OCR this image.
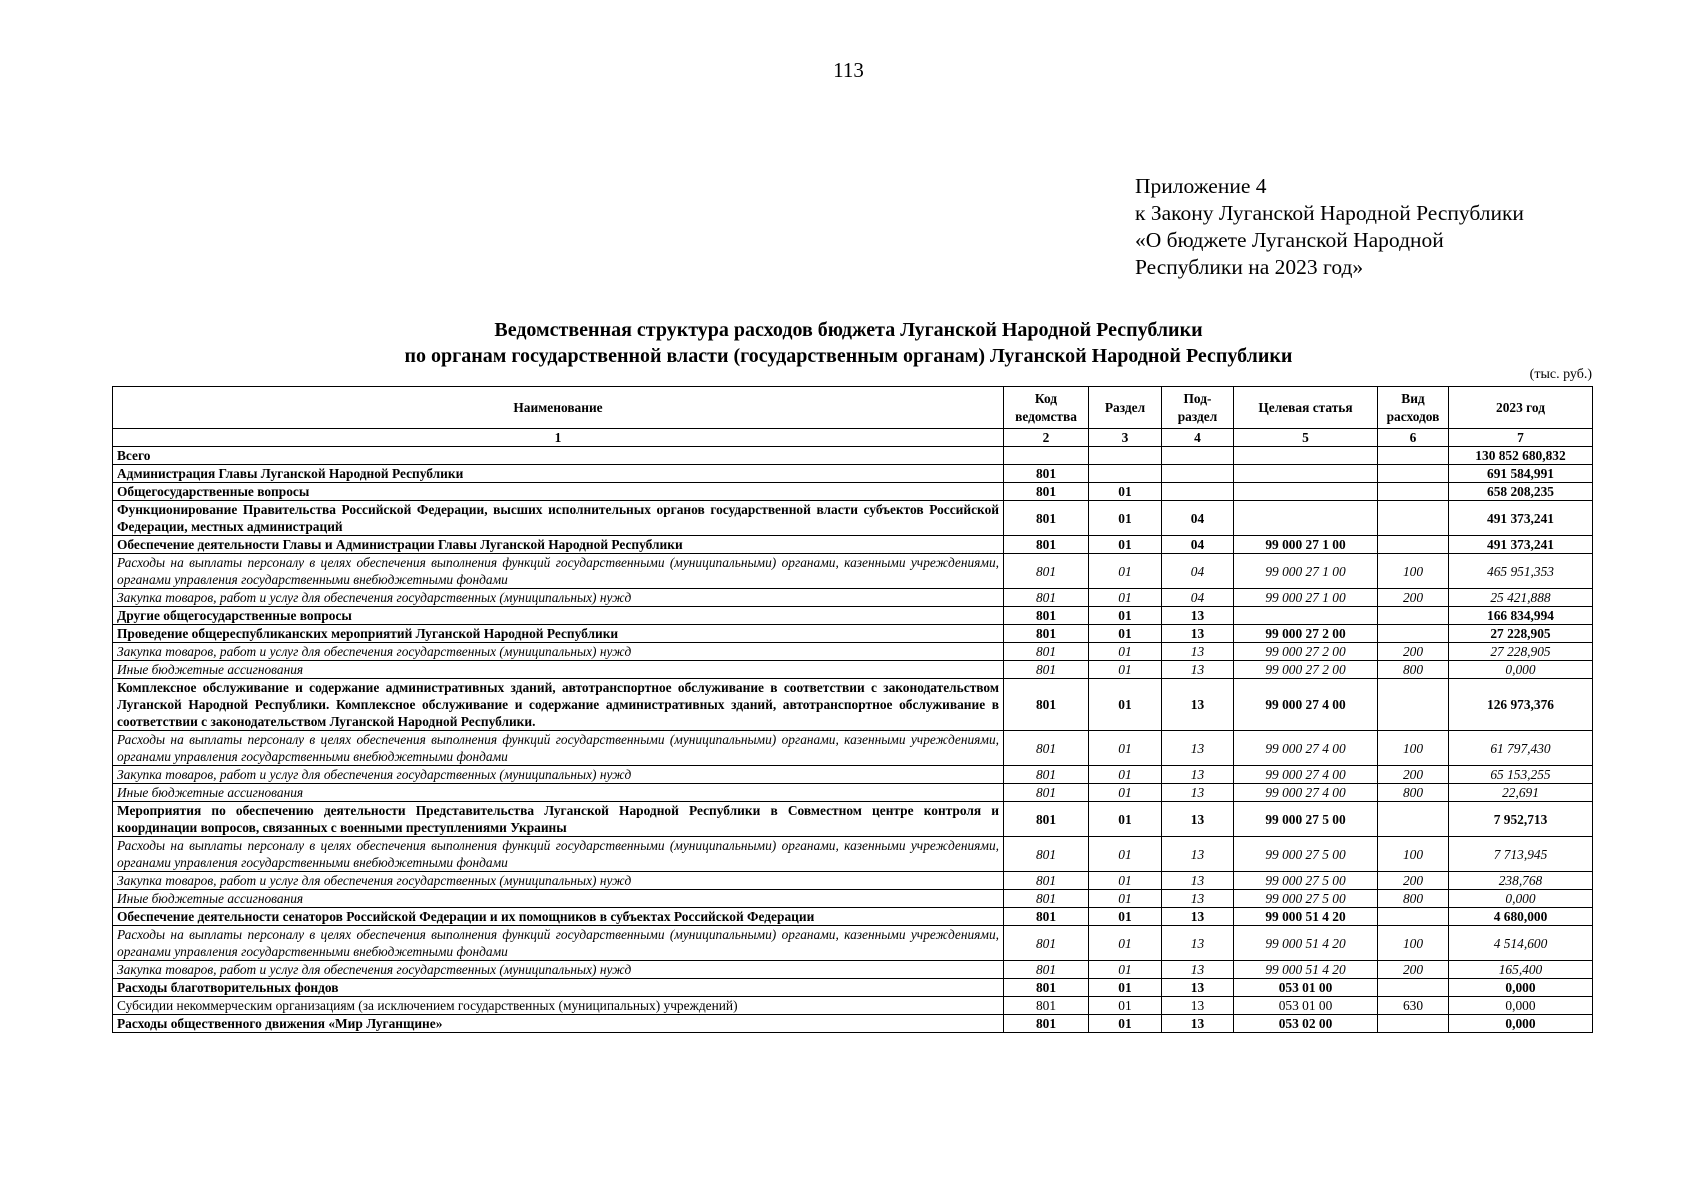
113
Приложение 4
к Закону Луганской Народной Республики
«О бюджете Луганской Народной
Республики на 2023 год»
Ведомственная структура расходов бюджета Луганской Народной Республики
по органам государственной власти (государственным органам) Луганской Народной Республики
(тыс. руб.)
Наименование	Код ведомства	Раздел	Под-раздел	Целевая статья	Вид расходов	2023 год
1	2	3	4	5	6	7
Всего						130 852 680,832
Администрация Главы Луганской Народной Республики	801					691 584,991
Общегосударственные вопросы	801	01				658 208,235
Функционирование Правительства Российской Федерации, высших исполнительных органов государственной власти субъектов Российской Федерации, местных администраций	801	01	04			491 373,241
Обеспечение деятельности Главы и Администрации Главы Луганской Народной Республики	801	01	04	99 000 27 1 00		491 373,241
Расходы на выплаты персоналу в целях обеспечения выполнения функций государственными (муниципальными) органами, казенными учреждениями, органами управления государственными внебюджетными фондами	801	01	04	99 000 27 1 00	100	465 951,353
Закупка товаров, работ и услуг для обеспечения государственных (муниципальных) нужд	801	01	04	99 000 27 1 00	200	25 421,888
Другие общегосударственные вопросы	801	01	13			166 834,994
Проведение общереспубликанских мероприятий Луганской Народной Республики	801	01	13	99 000 27 2 00		27 228,905
Закупка товаров, работ и услуг для обеспечения государственных (муниципальных) нужд	801	01	13	99 000 27 2 00	200	27 228,905
Иные бюджетные ассигнования	801	01	13	99 000 27 2 00	800	0,000
Комплексное обслуживание и содержание административных зданий, автотранспортное обслуживание в соответствии с законодательством Луганской Народной Республики. Комплексное обслуживание и содержание административных зданий, автотранспортное обслуживание в соответствии с законодательством Луганской Народной Республики.	801	01	13	99 000 27 4 00		126 973,376
Расходы на выплаты персоналу в целях обеспечения выполнения функций государственными (муниципальными) органами, казенными учреждениями, органами управления государственными внебюджетными фондами	801	01	13	99 000 27 4 00	100	61 797,430
Закупка товаров, работ и услуг для обеспечения государственных (муниципальных) нужд	801	01	13	99 000 27 4 00	200	65 153,255
Иные бюджетные ассигнования	801	01	13	99 000 27 4 00	800	22,691
Мероприятия по обеспечению деятельности Представительства Луганской Народной Республики в Совместном центре контроля и координации вопросов, связанных с военными преступлениями Украины	801	01	13	99 000 27 5 00		7 952,713
Расходы на выплаты персоналу в целях обеспечения выполнения функций государственными (муниципальными) органами, казенными учреждениями, органами управления государственными внебюджетными фондами	801	01	13	99 000 27 5 00	100	7 713,945
Закупка товаров, работ и услуг для обеспечения государственных (муниципальных) нужд	801	01	13	99 000 27 5 00	200	238,768
Иные бюджетные ассигнования	801	01	13	99 000 27 5 00	800	0,000
Обеспечение деятельности сенаторов Российской Федерации и их помощников в субъектах Российской Федерации	801	01	13	99 000 51 4 20		4 680,000
Расходы на выплаты персоналу в целях обеспечения выполнения функций государственными (муниципальными) органами, казенными учреждениями, органами управления государственными внебюджетными фондами	801	01	13	99 000 51 4 20	100	4 514,600
Закупка товаров, работ и услуг для обеспечения государственных (муниципальных) нужд	801	01	13	99 000 51 4 20	200	165,400
Расходы благотворительных фондов	801	01	13	053 01 00		0,000
Субсидии некоммерческим организациям (за исключением государственных (муниципальных) учреждений)	801	01	13	053 01 00	630	0,000
Расходы общественного движения «Мир Луганщине»	801	01	13	053 02 00		0,000
